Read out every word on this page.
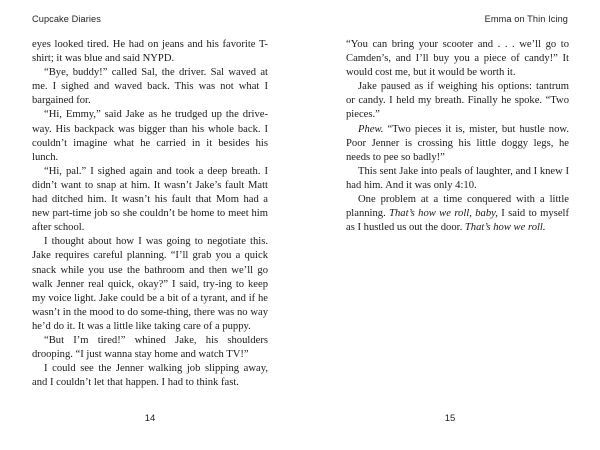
Cupcake Diaries

eyes looked tired. He had on jeans and his favorite T-shirt; it was blue and said NYPD.

“Bye, buddy!” called Sal, the driver. Sal waved at me. I sighed and waved back. This was not what I bargained for.

“Hi, Emmy,” said Jake as he trudged up the drive-way. His backpack was bigger than his whole back. I couldn’t imagine what he carried in it besides his lunch.

“Hi, pal.” I sighed again and took a deep breath. I didn’t want to snap at him. It wasn’t Jake’s fault Matt had ditched him. It wasn’t his fault that Mom had a new part-time job so she couldn’t be home to meet him after school.

I thought about how I was going to negotiate this. Jake requires careful planning. “I’ll grab you a quick snack while you use the bathroom and then we’ll go walk Jenner real quick, okay?” I said, try-ing to keep my voice light. Jake could be a bit of a tyrant, and if he wasn’t in the mood to do some-thing, there was no way he’d do it. It was a little like taking care of a puppy.

“But I’m tired!” whined Jake, his shoulders drooping. “I just wanna stay home and watch TV!”

I could see the Jenner walking job slipping away, and I couldn’t let that happen. I had to think fast.

14
Emma on Thin Icing

“You can bring your scooter and . . . we’ll go to Camden’s, and I’ll buy you a piece of candy!” It would cost me, but it would be worth it.

Jake paused as if weighing his options: tantrum or candy. I held my breath. Finally he spoke. “Two pieces.”

Phew. “Two pieces it is, mister, but hustle now. Poor Jenner is crossing his little doggy legs, he needs to pee so badly!”

This sent Jake into peals of laughter, and I knew I had him. And it was only 4:10.

One problem at a time conquered with a little planning. That’s how we roll, baby, I said to myself as I hustled us out the door. That’s how we roll.

15
